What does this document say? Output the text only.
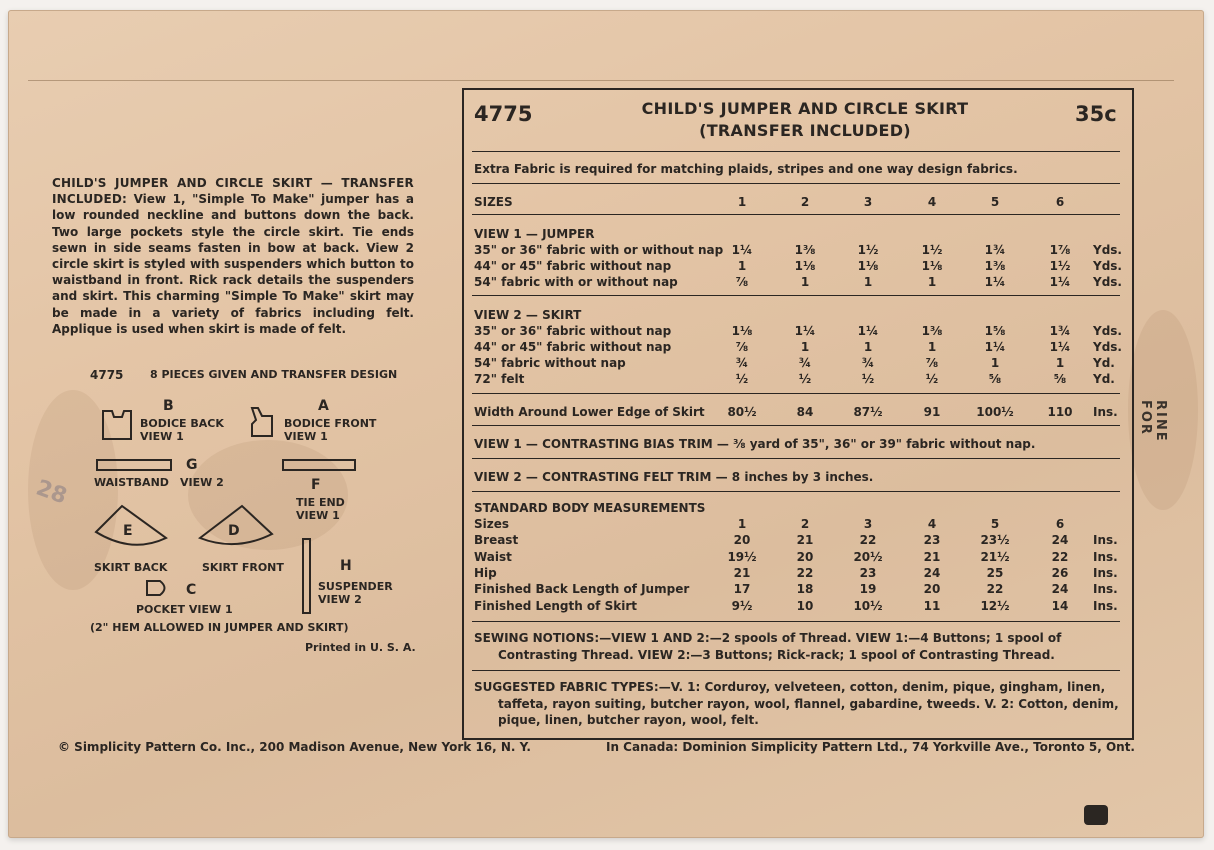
28
CHILD'S JUMPER AND CIRCLE SKIRT — TRANSFER INCLUDED: View 1, "Simple To Make" jumper has a low rounded neckline and buttons down the back. Two large pockets style the circle skirt. Tie ends sewn in side seams fasten in bow at back. View 2 circle skirt is styled with suspenders which button to waistband in front. Rick rack details the suspenders and skirt. This charming "Simple To Make" skirt may be made in a variety of fabrics including felt. Applique is used when skirt is made of felt.
4775 8 PIECES GIVEN AND TRANSFER DESIGN
B
BODICE BACK
VIEW 1
A
BODICE FRONT
VIEW 1
G
WAISTBAND VIEW 2	F
TIE END
VIEW 1
E
SKIRT BACK
D
SKIRT FRONT
C
POCKET VIEW 1
H
SUSPENDER
VIEW 2
(2" HEM ALLOWED IN JUMPER AND SKIRT)
Printed in U. S. A.
4775	35c
CHILD'S JUMPER AND CIRCLE SKIRT
(TRANSFER INCLUDED)
Extra Fabric is required for matching plaids, stripes and one way design fabrics.
SIZES	1	2	3	4	5	6
VIEW 1 — JUMPER
35" or 36" fabric with or without nap 1¼	1⅜	1½	1½	1¾	1⅞	Yds.
44" or 45" fabric without nap	1	1⅛	1⅛	1⅛	1⅜	1½	Yds.
54" fabric with or without nap	⅞	1	1	1	1¼	1¼	Yds.
VIEW 2 — SKIRT
35" or 36" fabric without nap	1⅛	1¼	1¼	1⅜	1⅝	1¾	Yds.
44" or 45" fabric without nap	⅞	1	1	1	1¼	1¼	Yds.
54" fabric without nap	¾	¾	¾	⅞	1	1	Yd.
72" felt	½	½	½	½	⅝	⅝	Yd.
Width Around Lower Edge of Skirt	80½	84	87½	91	100½	110	Ins.
VIEW 1 — CONTRASTING BIAS TRIM — ⅜ yard of 35", 36" or 39" fabric without nap.
VIEW 2 — CONTRASTING FELT TRIM — 8 inches by 3 inches.
STANDARD BODY MEASUREMENTS
Sizes	1	2	3	4	5	6
Breast	20	21	22	23	23½	24	Ins.
Waist	19½	20	20½	21	21½	22	Ins.
Hip	21	22	23	24	25	26	Ins.
Finished Back Length of Jumper	17	18	19	20	22	24	Ins.
Finished Length of Skirt	9½	10	10½	11	12½	14	Ins.
SEWING NOTIONS:—VIEW 1 AND 2:—2 spools of Thread. VIEW 1:—4 Buttons; 1 spool of
Contrasting Thread. VIEW 2:—3 Buttons; Rick-rack; 1 spool of Contrasting Thread.
SUGGESTED FABRIC TYPES:—V. 1: Corduroy, velveteen, cotton, denim, pique, gingham, linen,
taffeta, rayon suiting, butcher rayon, wool, flannel, gabardine, tweeds. V. 2: Cotton, denim,
pique, linen, butcher rayon, wool, felt.
© Simplicity Pattern Co. Inc., 200 Madison Avenue, New York 16, N. Y.	In Canada: Dominion Simplicity Pattern Ltd., 74 Yorkville Ave., Toronto 5, Ont.
RINE FOR
